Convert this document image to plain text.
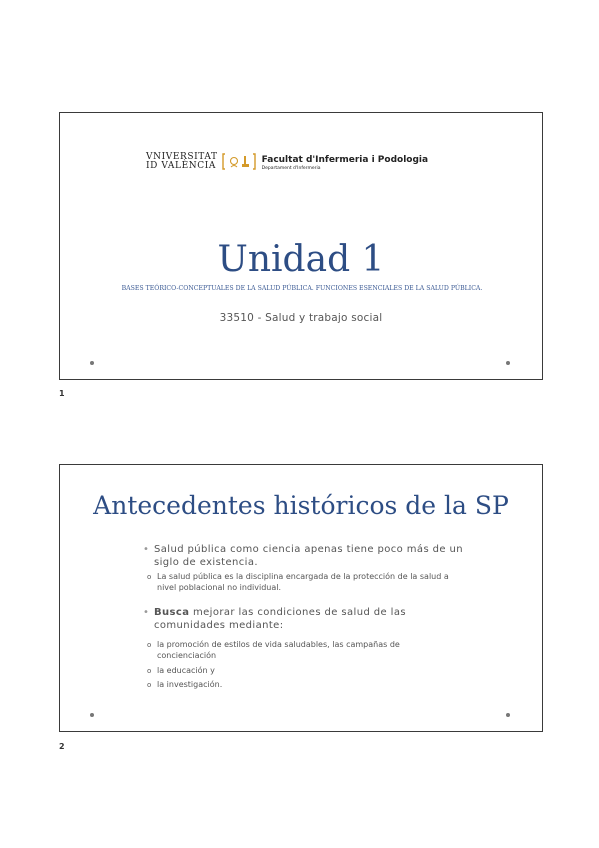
VNIVERSITAT
ID VALÈNCIA
Facultat d'Infermeria i Podologia
Departament d'Infermeria
Unidad 1
BASES TEÓRICO-CONCEPTUALES DE LA SALUD PÚBLICA. FUNCIONES ESENCIALES DE LA SALUD PÚBLICA.
33510 - Salud y trabajo social
1
Antecedentes históricos de la SP
• Salud pública como ciencia apenas tiene poco más de un siglo de existencia.
o La salud pública es la disciplina encargada de la protección de la salud a nivel poblacional no individual.
• Busca mejorar las condiciones de salud de las comunidades mediante:
o la promoción de estilos de vida saludables, las campañas de concienciación
o la educación y
o la investigación.
2
